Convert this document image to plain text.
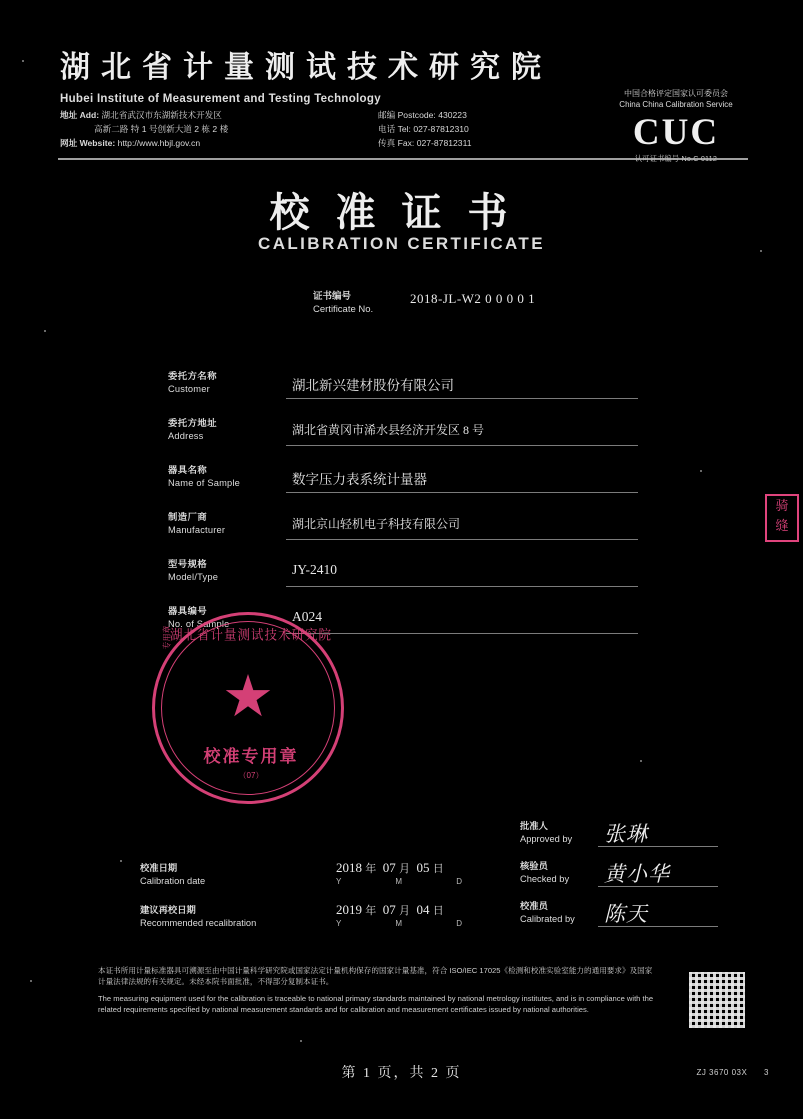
湖北省计量测试技术研究院
Hubei Institute of Measurement and Testing Technology
地址 Add: 湖北省武汉市东湖新技术开发区
高新二路 特 1 号创新大道 2 栋 2 楼
网址 Website: http://www.hbjl.gov.cn
邮编 Postcode: 430223
电话 Tel: 027-87812310
传真 Fax: 027-87812311
中国合格评定国家认可委员会
China China Calibration Service
CUC
校准证书
CALIBRATION CERTIFICATE
证书编号
Certificate No.
2018-JL-W2 0 0 0 0 1
委托方名称
Customer	湖北新兴建材股份有限公司
委托方地址
Address	湖北省黄冈市浠水县经济开发区 8 号
器具名称
Name of Sample	数字压力表系统计量器
制造厂商
Manufacturer	湖北京山轻机电子科技有限公司
型号规格
Model/Type	JY-2410
器具编号
No. of Sample	A024
湖北省计量测试技术研究院
★
校准专用章
（07）
专用章
骑
缝
批准人
Approved by 张琳
核验员
Checked by 黄小华
校准员
Calibrated by 陈天
校准日期
Calibration date
2018 年 07 月 05 日
Y M D
建议再校日期
Recommended recalibration
2019 年 07 月 04 日
Y M D
本证书所用计量标准器具可溯源至由中国计量科学研究院或国家法定计量机构保存的国家计量基准，符合 ISO/IEC 17025《检测和校准实验室能力的通用要求》及国家计量法律法规的有关规定。未经本院书面批准，不得部分复制本证书。
The measuring equipment used for the calibration is traceable to national primary standards maintained by national metrology institutes, and is in compliance with the related requirements specified by national measurement standards and for calibration and measurement certificates issued by national authorities.
第 1 页，共 2 页	ZJ 3670 03X 3
